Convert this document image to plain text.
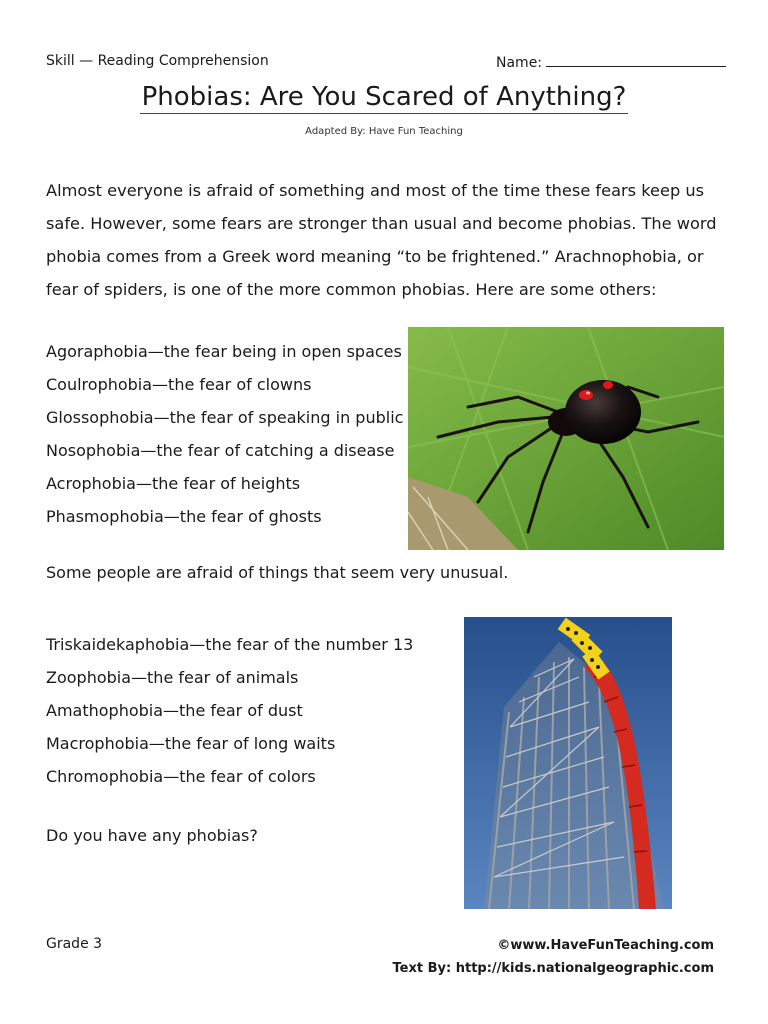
Skill — Reading Comprehension	Name:
Phobias: Are You Scared of Anything?
Adapted By: Have Fun Teaching
Almost everyone is afraid of something and most of the time these fears keep us safe. However, some fears are stronger than usual and become phobias. The word phobia comes from a Greek word meaning “to be frightened.” Arachnophobia, or fear of spiders, is one of the more common phobias. Here are some others:
Agoraphobia—the fear being in open spaces
Coulrophobia—the fear of clowns
Glossophobia—the fear of speaking in public
Nosophobia—the fear of catching a disease
Acrophobia—the fear of heights
Phasmophobia—the fear of ghosts
Some people are afraid of things that seem very unusual.
Triskaidekaphobia—the fear of the number 13
Zoophobia—the fear of animals
Amathophobia—the fear of dust
Macrophobia—the fear of long waits
Chromophobia—the fear of colors
Do you have any phobias?
Grade 3	©www.HaveFunTeaching.com
Text By: http://kids.nationalgeographic.com
